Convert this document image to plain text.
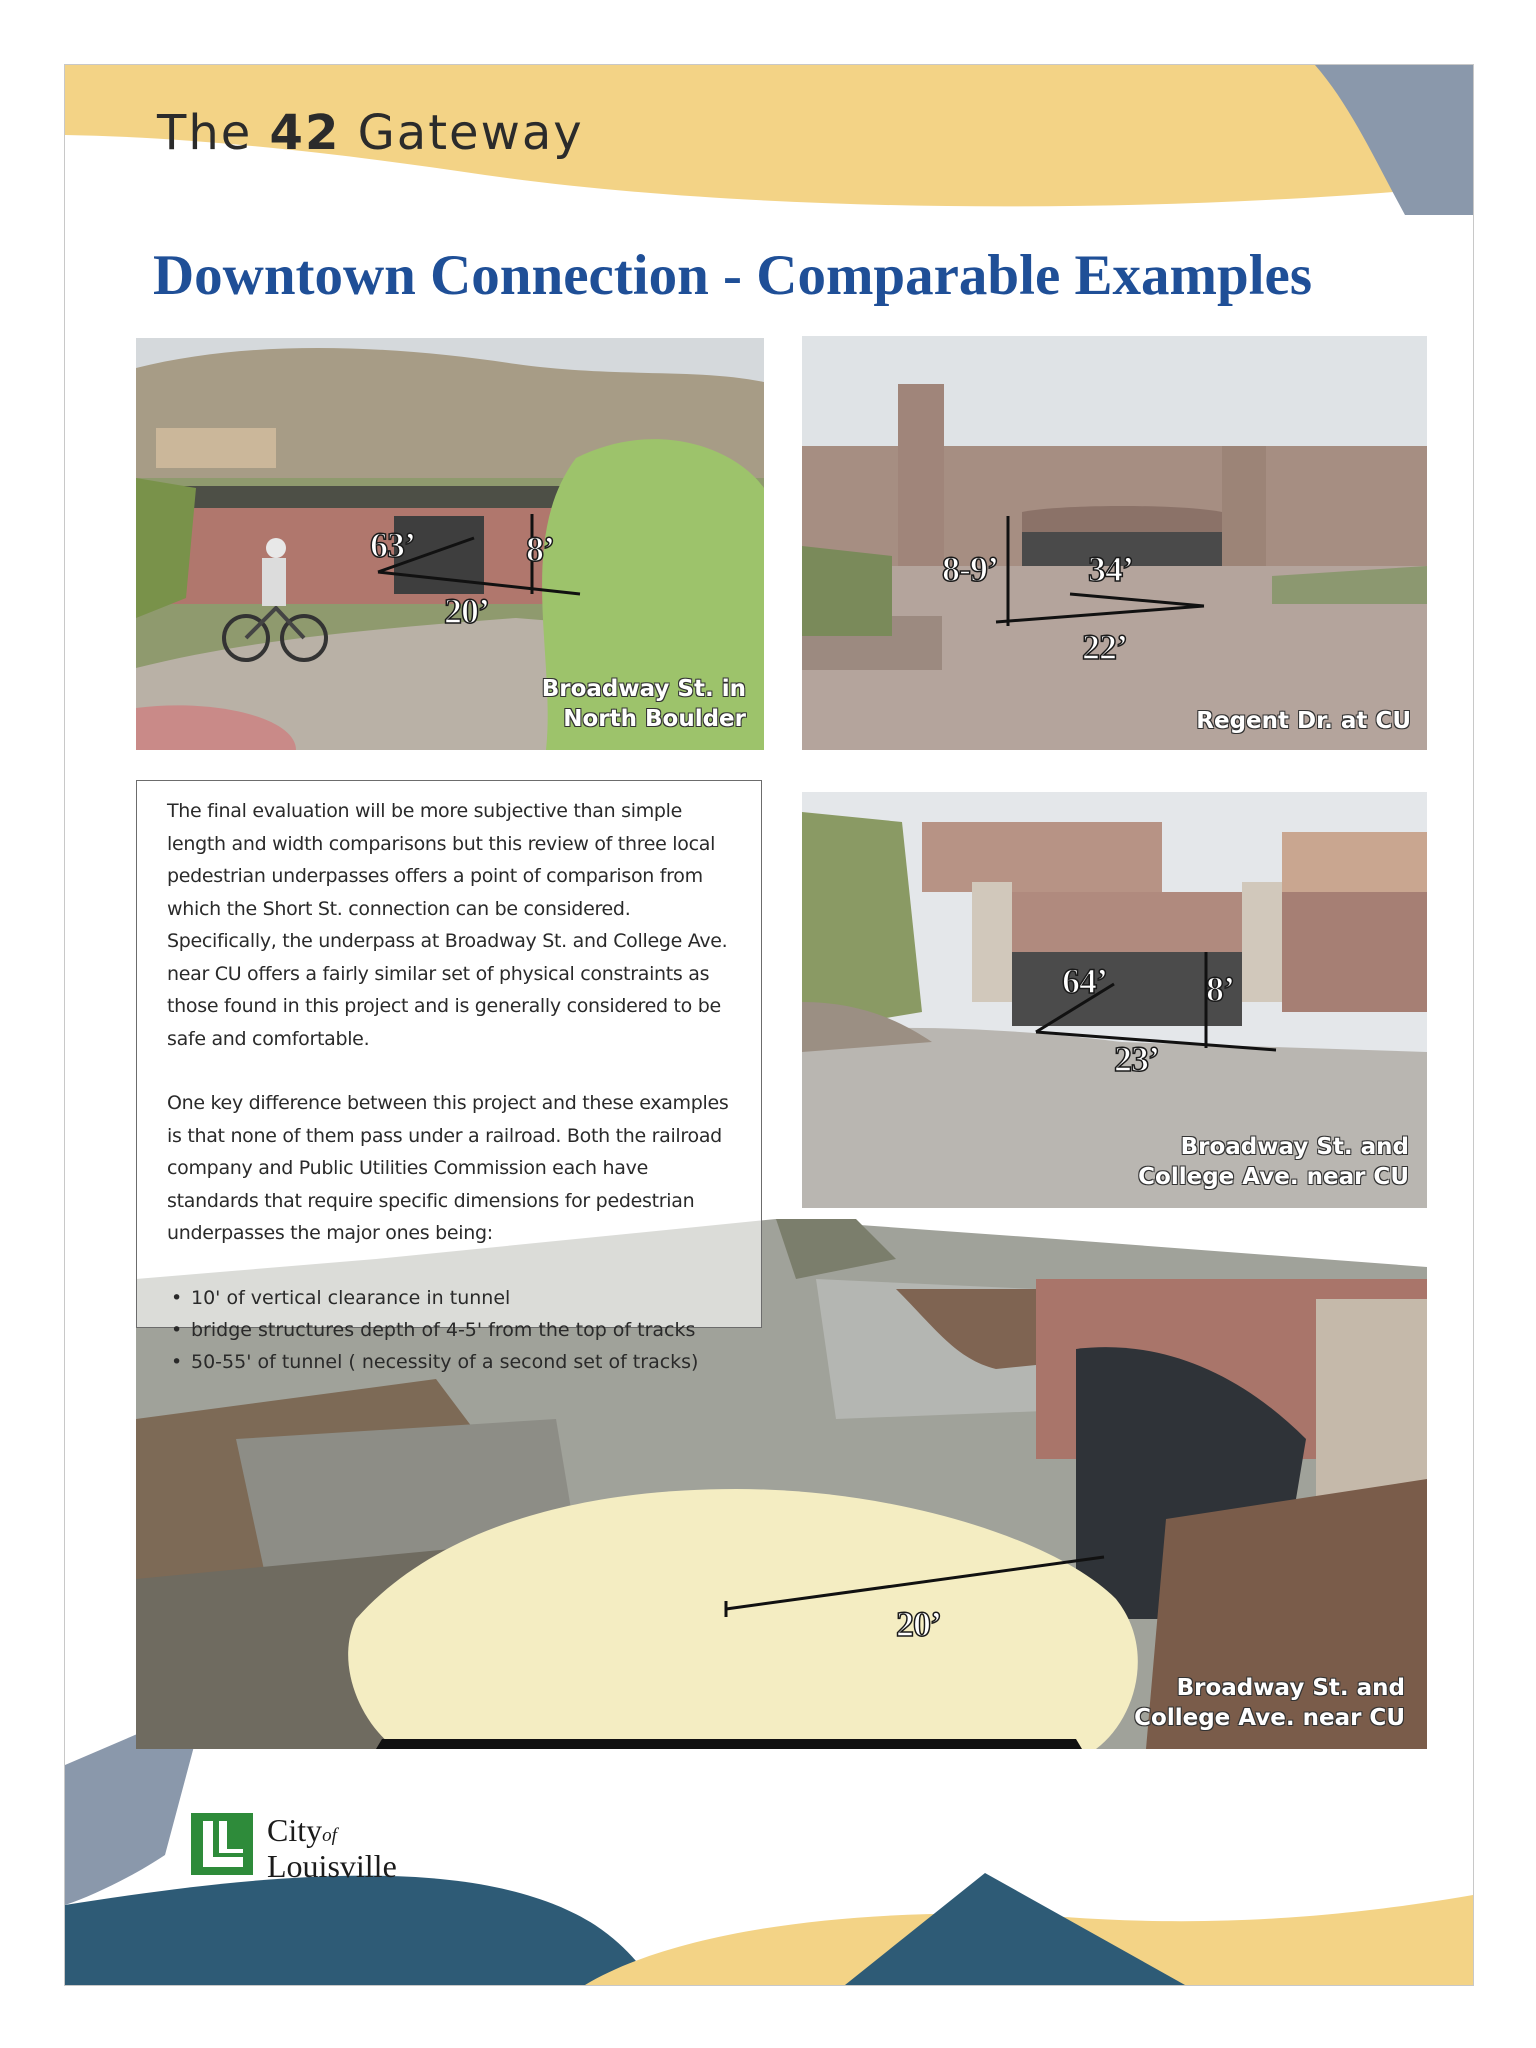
The 42 Gateway
Downtown Connection - Comparable Examples
63’	8’
20’
Broadway St. in
North Boulder
8-9’	34’
22’
Regent Dr. at CU
64’	8’
23’
Broadway St. and
College Ave. near CU
20’
Broadway St. and
College Ave. near CU

The final evaluation will be more subjective than simple length and width comparisons but this review of three local pedestrian underpasses offers a point of comparison from which the Short St. connection can be considered. Specifically, the underpass at Broadway St. and College Ave. near CU offers a fairly similar set of physical constraints as those found in this project and is generally considered to be safe and comfortable.

One key difference between this project and these examples is that none of them pass under a railroad. Both the railroad company and Public Utilities Commission each have standards that require specific dimensions for pedestrian underpasses the major ones being:

• 10' of vertical clearance in tunnel
• bridge structures depth of 4-5' from the top of tracks
• 50-55' of tunnel ( necessity of a second set of tracks)
Cityof
Louisville
